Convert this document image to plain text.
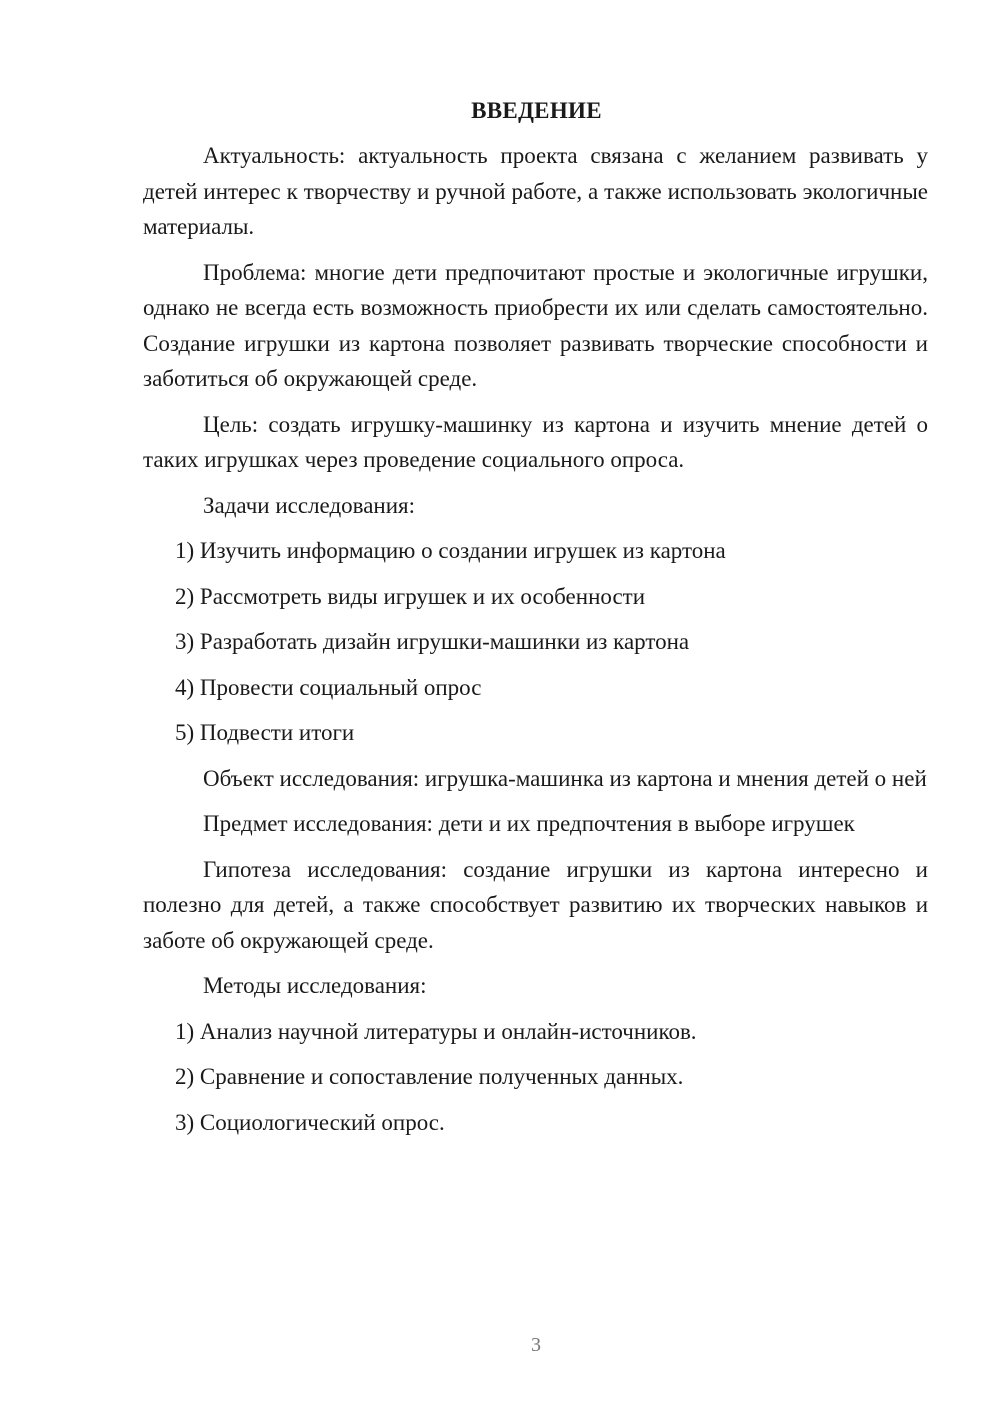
ВВЕДЕНИЕ

Актуальность: актуальность проекта связана с желанием развивать у детей интерес к творчеству и ручной работе, а также использовать экологичные материалы.

Проблема: многие дети предпочитают простые и экологичные игрушки, однако не всегда есть возможность приобрести их или сделать самостоятельно. Создание игрушки из картона позволяет развивать творческие способности и заботиться об окружающей среде.

Цель: создать игрушку-машинку из картона и изучить мнение детей о таких игрушках через проведение социального опроса.

Задачи исследования:

1) Изучить информацию о создании игрушек из картона
2) Рассмотреть виды игрушек и их особенности
3) Разработать дизайн игрушки-машинки из картона
4) Провести социальный опрос
5) Подвести итоги

Объект исследования: игрушка-машинка из картона и мнения детей о ней

Предмет исследования: дети и их предпочтения в выборе игрушек

Гипотеза исследования: создание игрушки из картона интересно и полезно для детей, а также способствует развитию их творческих навыков и заботе об окружающей среде.

Методы исследования:

1) Анализ научной литературы и онлайн-источников.
2) Сравнение и сопоставление полученных данных.
3) Социологический опрос.
3
